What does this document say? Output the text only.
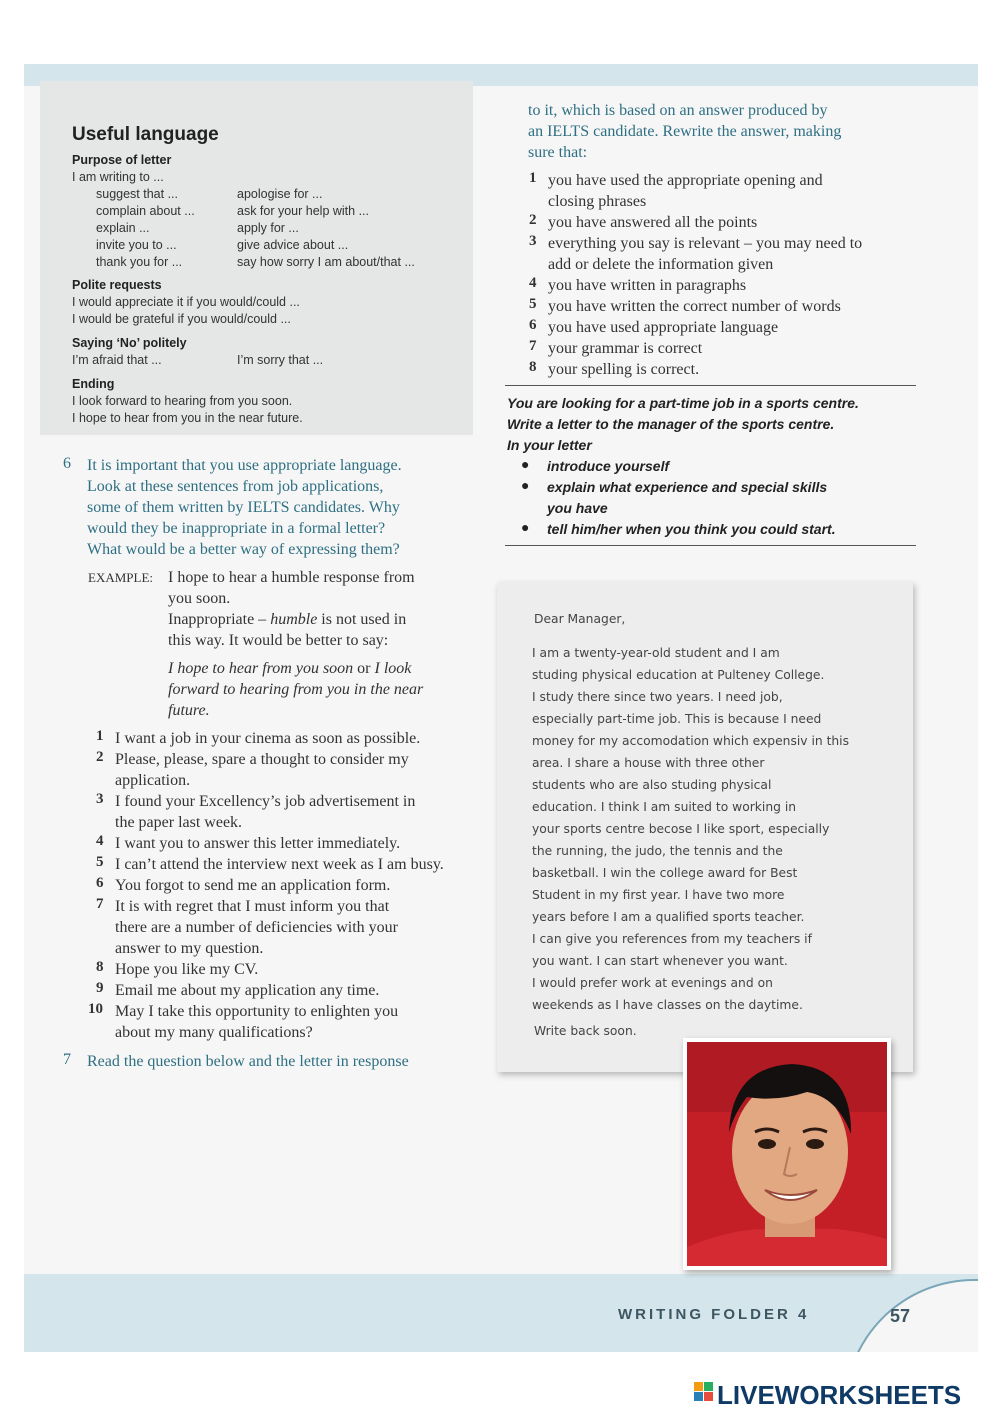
Useful language
Purpose of letter
I am writing to ...
suggest that ...
complain about ...
explain ...
invite you to ...
thank you for ...
apologise for ...
ask for your help with ...
apply for ...
give advice about ...
say how sorry I am about/that ...
Polite requests
I would appreciate it if you would/could ...
I would be grateful if you would/could ...
Saying ‘No’ politely
I’m afraid that ...	I’m sorry that ...
Ending
I look forward to hearing from you soon.
I hope to hear from you in the near future.
6 It is important that you use appropriate language.
Look at these sentences from job applications,
some of them written by IELTS candidates. Why
would they be inappropriate in a formal letter?
What would be a better way of expressing them?
EXAMPLE: I hope to hear a humble response from
you soon.
Inappropriate – humble is not used in
this way. It would be better to say:
I hope to hear from you soon or I look
forward to hearing from you in the near
future.
1 I want a job in your cinema as soon as possible.
2 Please, please, spare a thought to consider my
application.
3 I found your Excellency’s job advertisement in
the paper last week.
4 I want you to answer this letter immediately.
5 I can’t attend the interview next week as I am busy.
6 You forgot to send me an application form.
7 It is with regret that I must inform you that
there are a number of deficiencies with your
answer to my question.
8 Hope you like my CV.
9 Email me about my application any time.
10 May I take this opportunity to enlighten you
about my many qualifications?
7 Read the question below and the letter in response
to it, which is based on an answer produced by
an IELTS candidate. Rewrite the answer, making
sure that:
1 you have used the appropriate opening and
closing phrases
2 you have answered all the points
3 everything you say is relevant – you may need to
add or delete the information given
4 you have written in paragraphs
5 you have written the correct number of words
6 you have used appropriate language
7 your grammar is correct
8 your spelling is correct.
You are looking for a part-time job in a sports centre.
Write a letter to the manager of the sports centre.
In your letter
● introduce yourself
● explain what experience and special skills
you have
● tell him/her when you think you could start.
Dear Manager,
I am a twenty-year-old student and I am
studing physical education at Pulteney College.
I study there since two years. I need job,
especially part-time job. This is because I need
money for my accomodation which expensiv in this
area. I share a house with three other
students who are also studing physical
education. I think I am suited to working in
your sports centre becose I like sport, especially
the running, the judo, the tennis and the
basketball. I win the college award for Best
Student in my first year. I have two more
years before I am a qualified sports teacher.
I can give you references from my teachers if
you want. I can start whenever you want.
I would prefer work at evenings and on
weekends as I have classes on the daytime.
Write back soon.
WRITING FOLDER 4	57
LIVEWORKSHEETS
